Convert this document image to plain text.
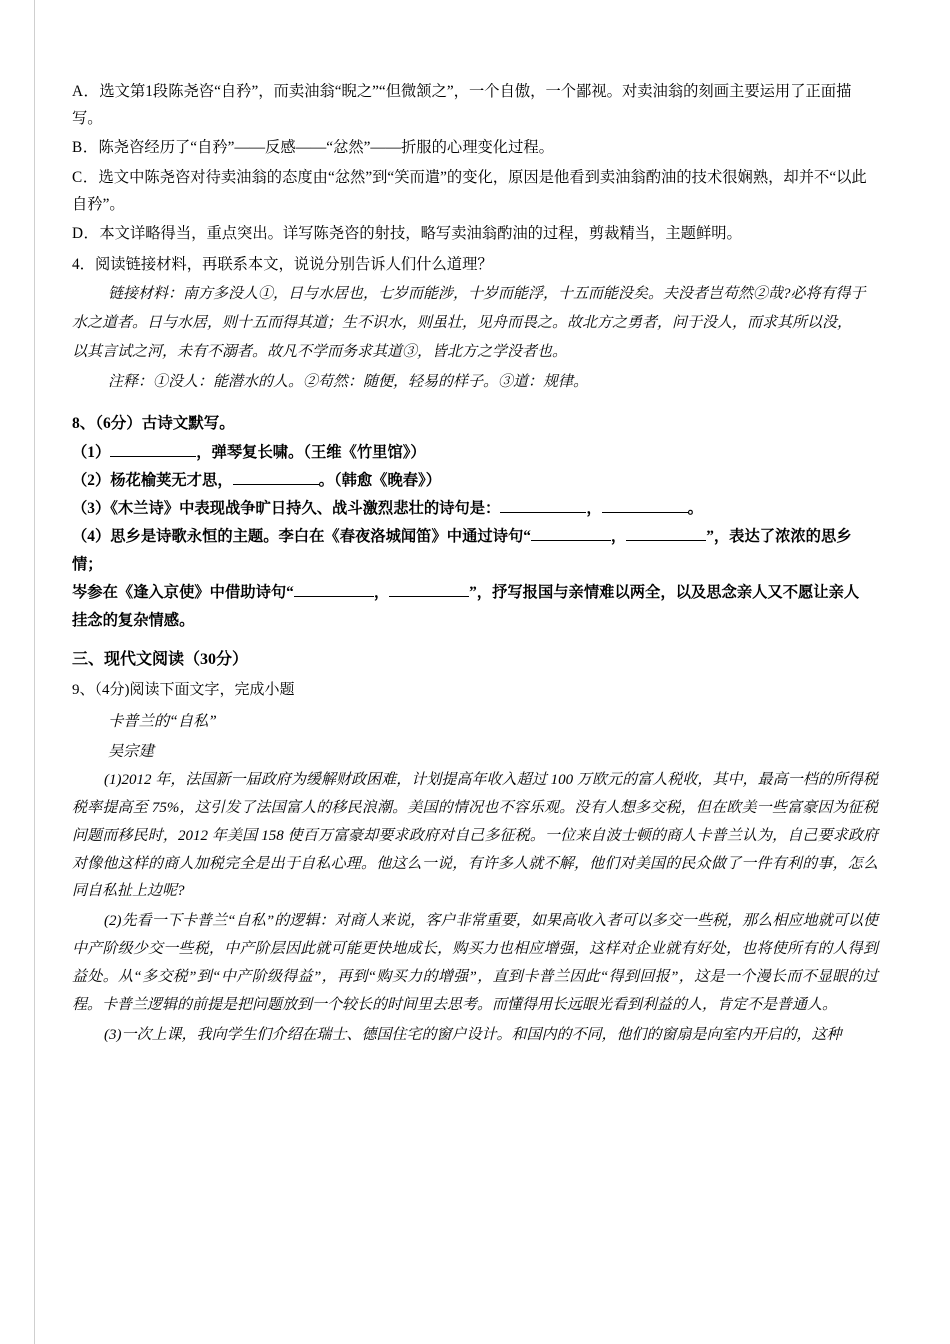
A．选文第1段陈尧咨“自矜”，而卖油翁“睨之”“但微颔之”，一个自傲，一个鄙视。对卖油翁的刻画主要运用了正面描写。

B．陈尧咨经历了“自矜”——反感——“忿然”——折服的心理变化过程。

C．选文中陈尧咨对待卖油翁的态度由“忿然”到“笑而遣”的变化，原因是他看到卖油翁酌油的技术很娴熟，却并不“以此自矜”。

D．本文详略得当，重点突出。详写陈尧咨的射技，略写卖油翁酌油的过程，剪裁精当，主题鲜明。

4．阅读链接材料，再联系本文，说说分别告诉人们什么道理？

链接材料：南方多没人①，日与水居也，七岁而能涉，十岁而能浮，十五而能没矣。夫没者岂苟然②哉?必将有得于

水之道者。日与水居，则十五而得其道；生不识水，则虽壮，见舟而畏之。故北方之勇者，问于没人，而求其所以没，

以其言试之河，未有不溺者。故凡不学而务求其道③，皆北方之学没者也。

注释：①没人：能潜水的人。②苟然：随便，轻易的样子。③道：规律。

8、（6分）古诗文默写。

（1）	，弹琴复长啸。（王维《竹里馆》）

（2）杨花榆荚无才思，	。（韩愈《晚春》）

（3）《木兰诗》中表现战争旷日持久、战斗激烈悲壮的诗句是：	，	。

（4）思乡是诗歌永恒的主题。李白在《春夜洛城闻笛》中通过诗句“	，	”，表达了浓浓的思乡情；

岑参在《逢入京使》中借助诗句“	，	”，抒写报国与亲情难以两全，以及思念亲人又不愿让亲人

挂念的复杂情感。

三、现代文阅读（30分）

9、（4分)阅读下面文字，完成小题

卡普兰的“自私”

吴宗建

(1)2012 年，法国新一届政府为缓解财政困难，计划提高年收入超过 100 万欧元的富人税收，其中，最高一档的所得税税率提高至 75%，这引发了法国富人的移民浪潮。美国的情况也不容乐观。没有人想多交税，但在欧美一些富豪因为征税问题而移民时，2012 年美国 158 使百万富豪却要求政府对自己多征税。一位来自波士顿的商人卡普兰认为，自己要求政府对像他这样的商人加税完全是出于自私心理。他这么一说，有许多人就不解，他们对美国的民众做了一件有利的事，怎么同自私扯上边呢?

(2)先看一下卡普兰“自私”的逻辑：对商人来说，客户非常重要，如果高收入者可以多交一些税，那么相应地就可以使中产阶级少交一些税，中产阶层因此就可能更快地成长，购买力也相应增强，这样对企业就有好处，也将使所有的人得到益处。从“多交税”到“中产阶级得益”，再到“购买力的增强”，直到卡普兰因此“得到回报”，这是一个漫长而不显眼的过程。卡普兰逻辑的前提是把问题放到一个较长的时间里去思考。而懂得用长远眼光看到利益的人，肯定不是普通人。

(3)一次上课，我向学生们介绍在瑞士、德国住宅的窗户设计。和国内的不同，他们的窗扇是向室内开启的，这种
